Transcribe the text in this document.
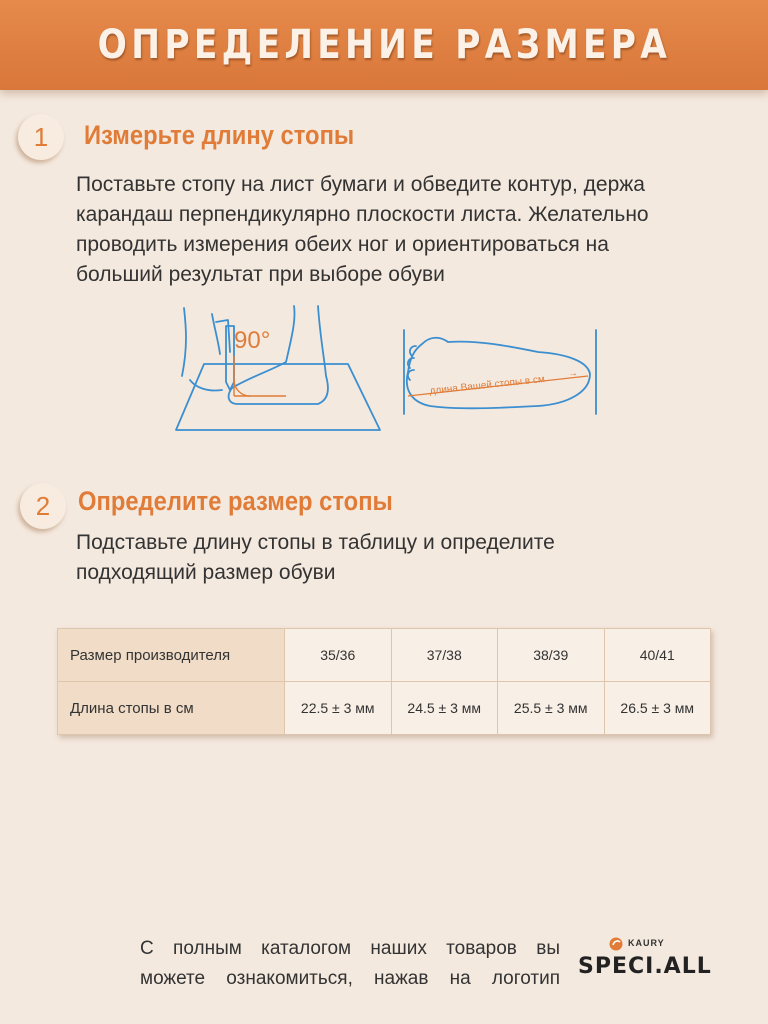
ОПРЕДЕЛЕНИЕ РАЗМЕРА
1 Измерьте длину стопы
Поставьте стопу на лист бумаги и обведите контур, держа
карандаш перпендикулярно плоскости листа. Желательно
проводить измерения обеих ног и ориентироваться на
больший результат при выборе обуви
90°
длина Вашей стопы в см
→
2 Определите размер стопы
Подставьте длину стопы в таблицу и определите
подходящий размер обуви
Размер производителя	35/36	37/38	38/39	40/41
Длина стопы в см	22.5 ± 3 мм	24.5 ± 3 мм	25.5 ± 3 мм	26.5 ± 3 мм
С полным каталогом наших товаров вы
можете ознакомиться, нажав на логотип
KAURY
SPECI.ALL
